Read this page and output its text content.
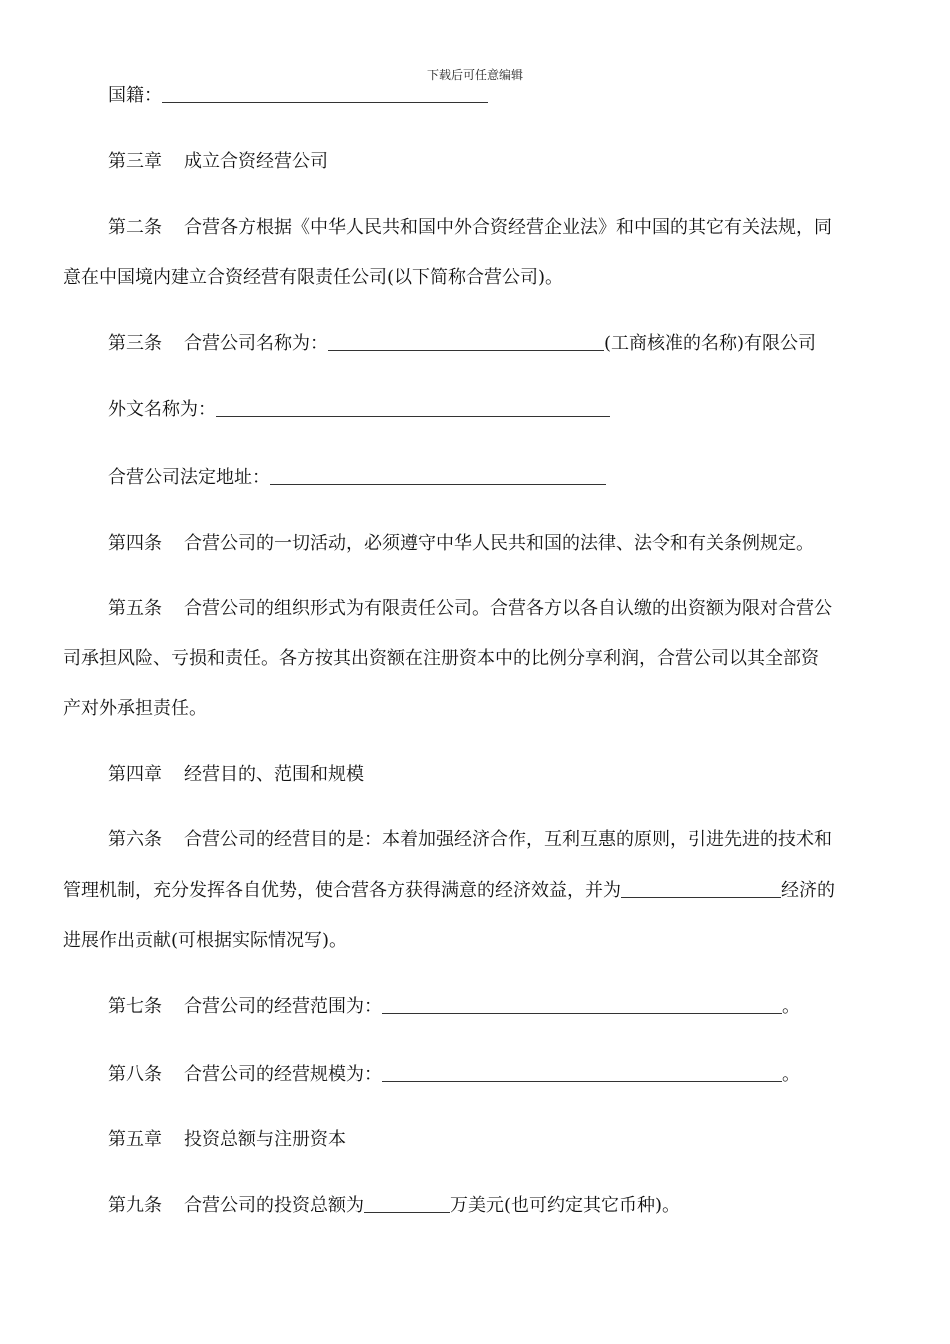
下载后可任意编辑
国籍：
第三章 成立合资经营公司
第二条 合营各方根据《中华人民共和国中外合资经营企业法》和中国的其它有关法规，同
意在中国境内建立合资经营有限责任公司(以下简称合营公司)。
第三条 合营公司名称为：	(工商核准的名称)有限公司
外文名称为：
合营公司法定地址：
第四条 合营公司的一切活动，必须遵守中华人民共和国的法律、法令和有关条例规定。
第五条 合营公司的组织形式为有限责任公司。合营各方以各自认缴的出资额为限对合营公
司承担风险、亏损和责任。各方按其出资额在注册资本中的比例分享利润，合营公司以其全部资
产对外承担责任。
第四章 经营目的、范围和规模
第六条 合营公司的经营目的是：本着加强经济合作，互利互惠的原则，引进先进的技术和
管理机制，充分发挥各自优势，使合营各方获得满意的经济效益，并为	经济的
进展作出贡献(可根据实际情况写)。
第七条 合营公司的经营范围为：	。
第八条 合营公司的经营规模为：	。
第五章 投资总额与注册资本
第九条 合营公司的投资总额为	万美元(也可约定其它币种)。
